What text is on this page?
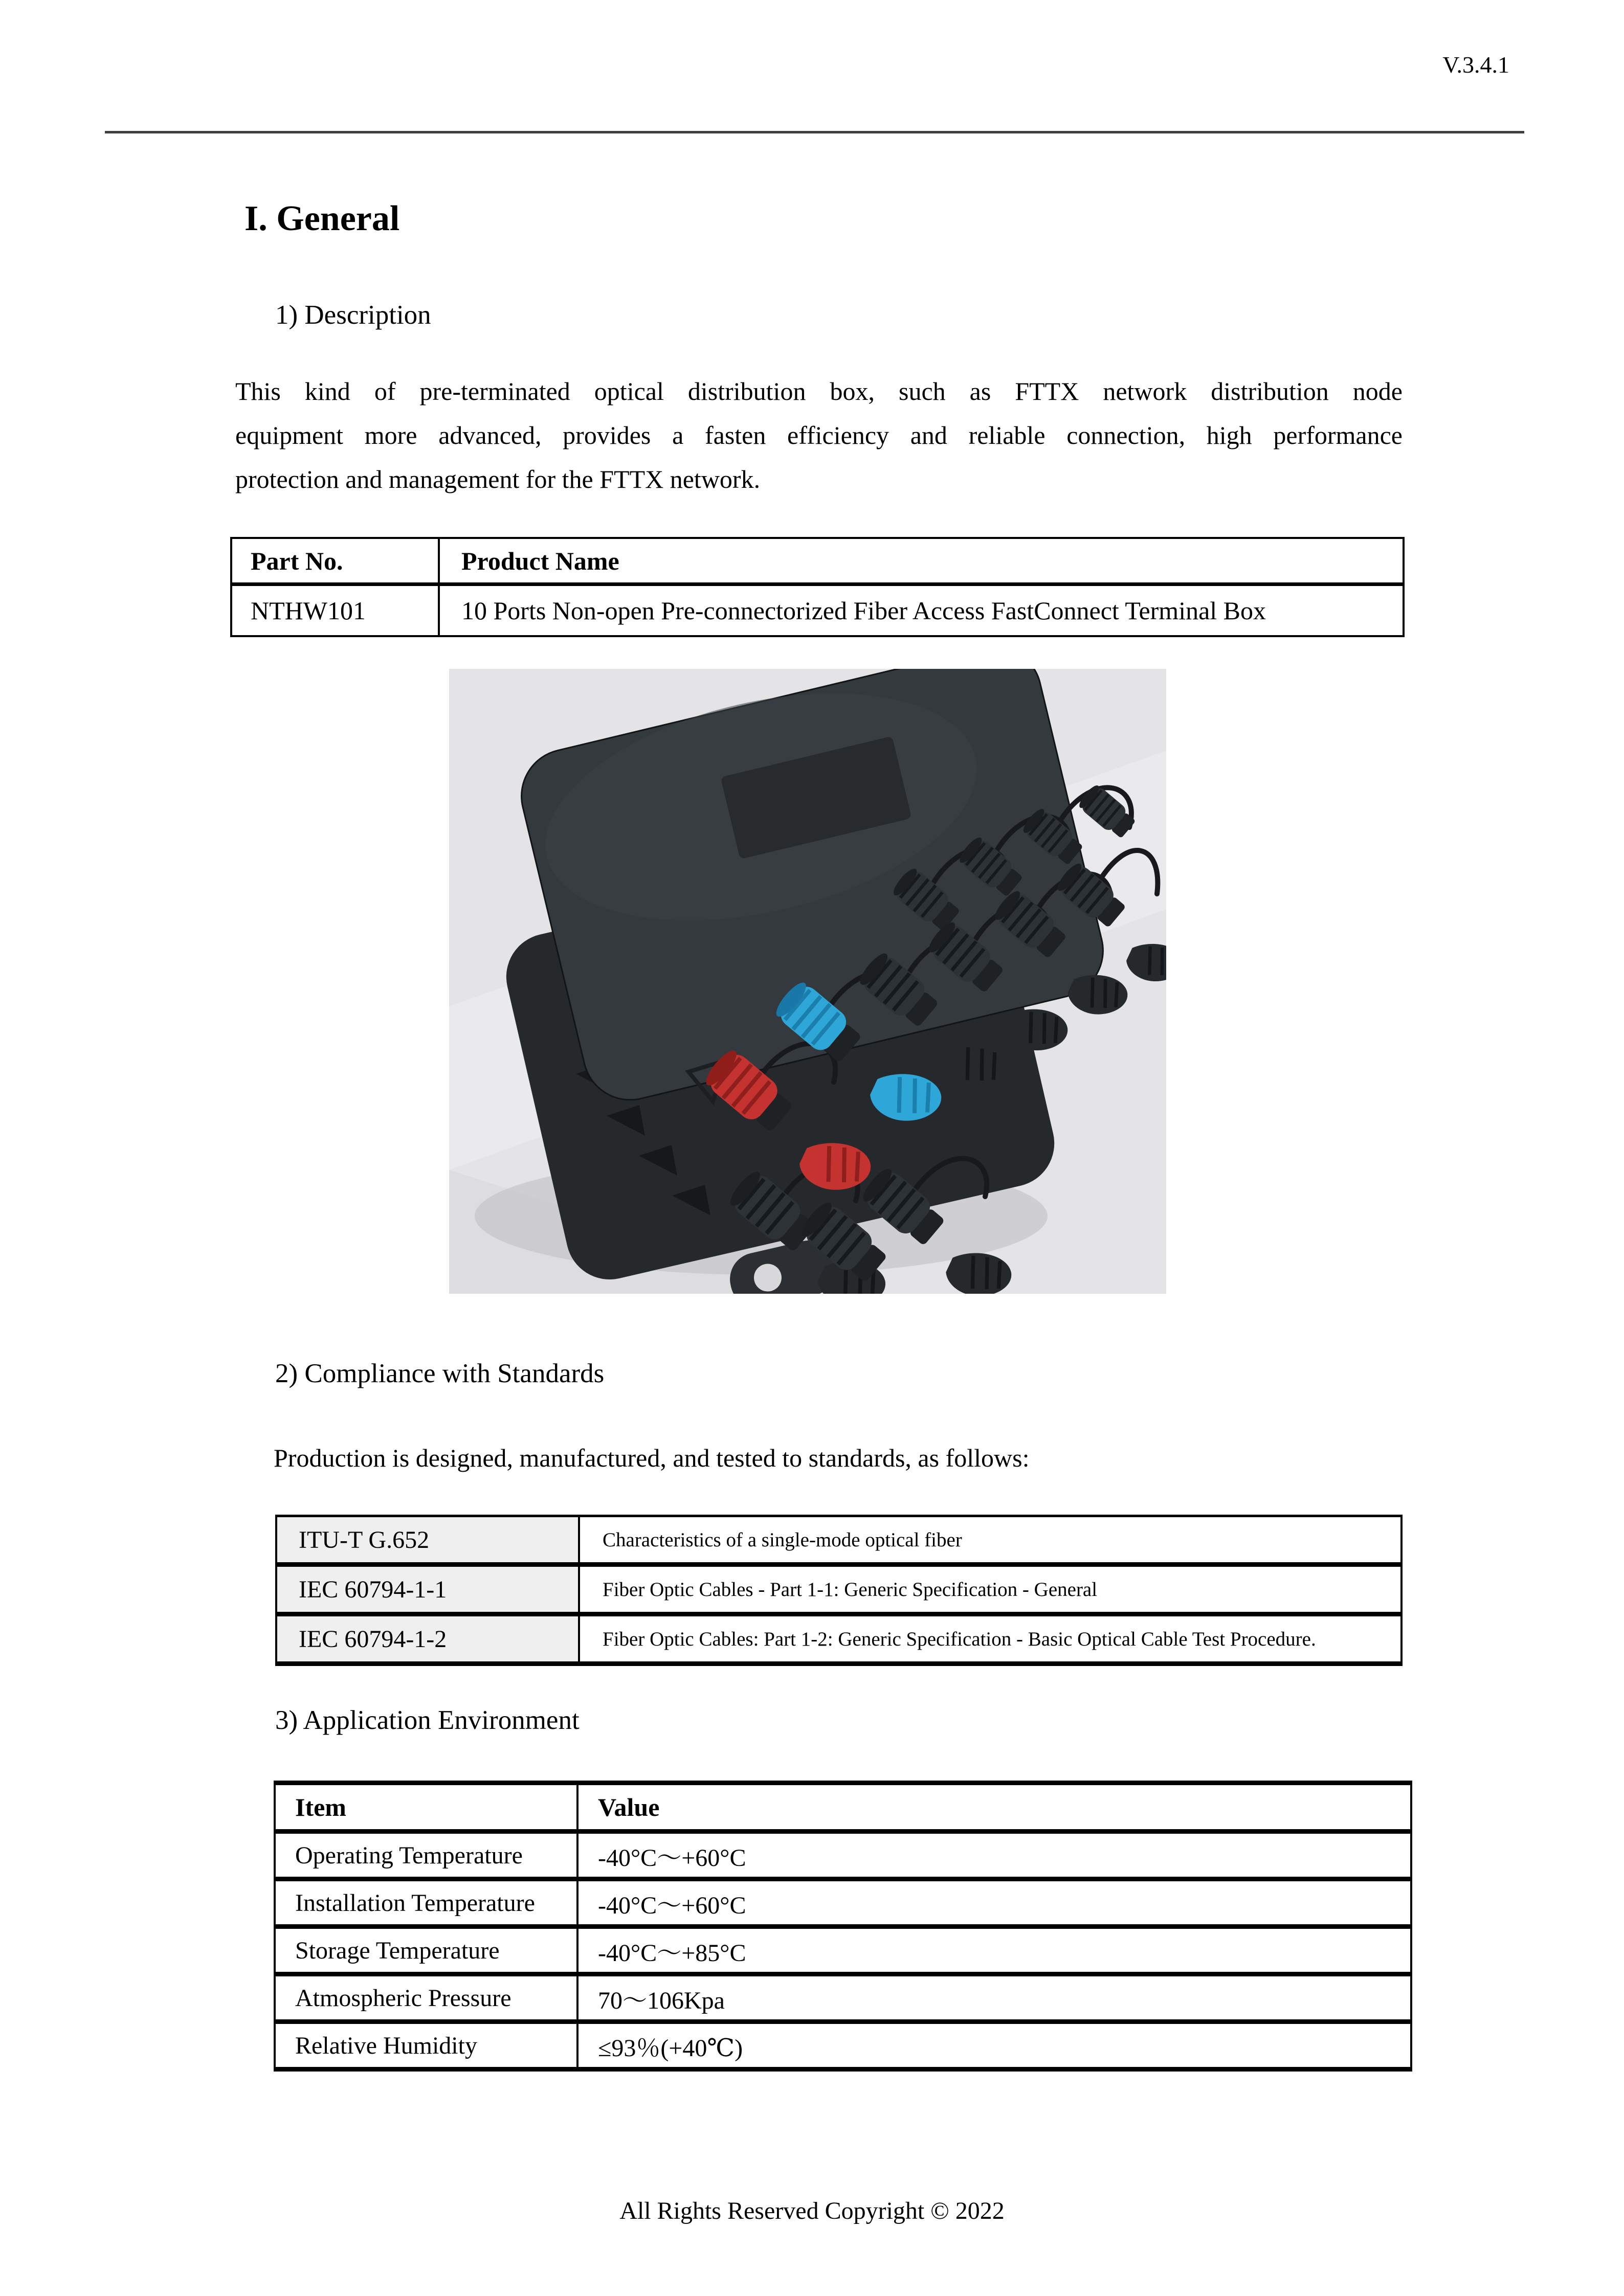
V.3.4.1
I. General
1) Description
This kind of pre-terminated optical distribution box, such as FTTX network distribution node
equipment more advanced, provides a fasten efficiency and reliable connection, high performance
protection and management for the FTTX network.
Part No.	Product Name
NTHW101	10 Ports Non-open Pre-connectorized Fiber Access FastConnect Terminal Box
2) Compliance with Standards
Production is designed, manufactured, and tested to standards, as follows:
ITU-T G.652	Characteristics of a single-mode optical fiber
IEC 60794-1-1	Fiber Optic Cables - Part 1-1: Generic Specification - General
IEC 60794-1-2	Fiber Optic Cables: Part 1-2: Generic Specification - Basic Optical Cable Test Procedure.
3) Application Environment
Item	Value
Operating Temperature	-40°C～+60°C
Installation Temperature	-40°C～+60°C
Storage Temperature	-40°C～+85°C
Atmospheric Pressure	70～106Kpa
Relative Humidity	≤93％(+40℃)
All Rights Reserved Copyright © 2022
